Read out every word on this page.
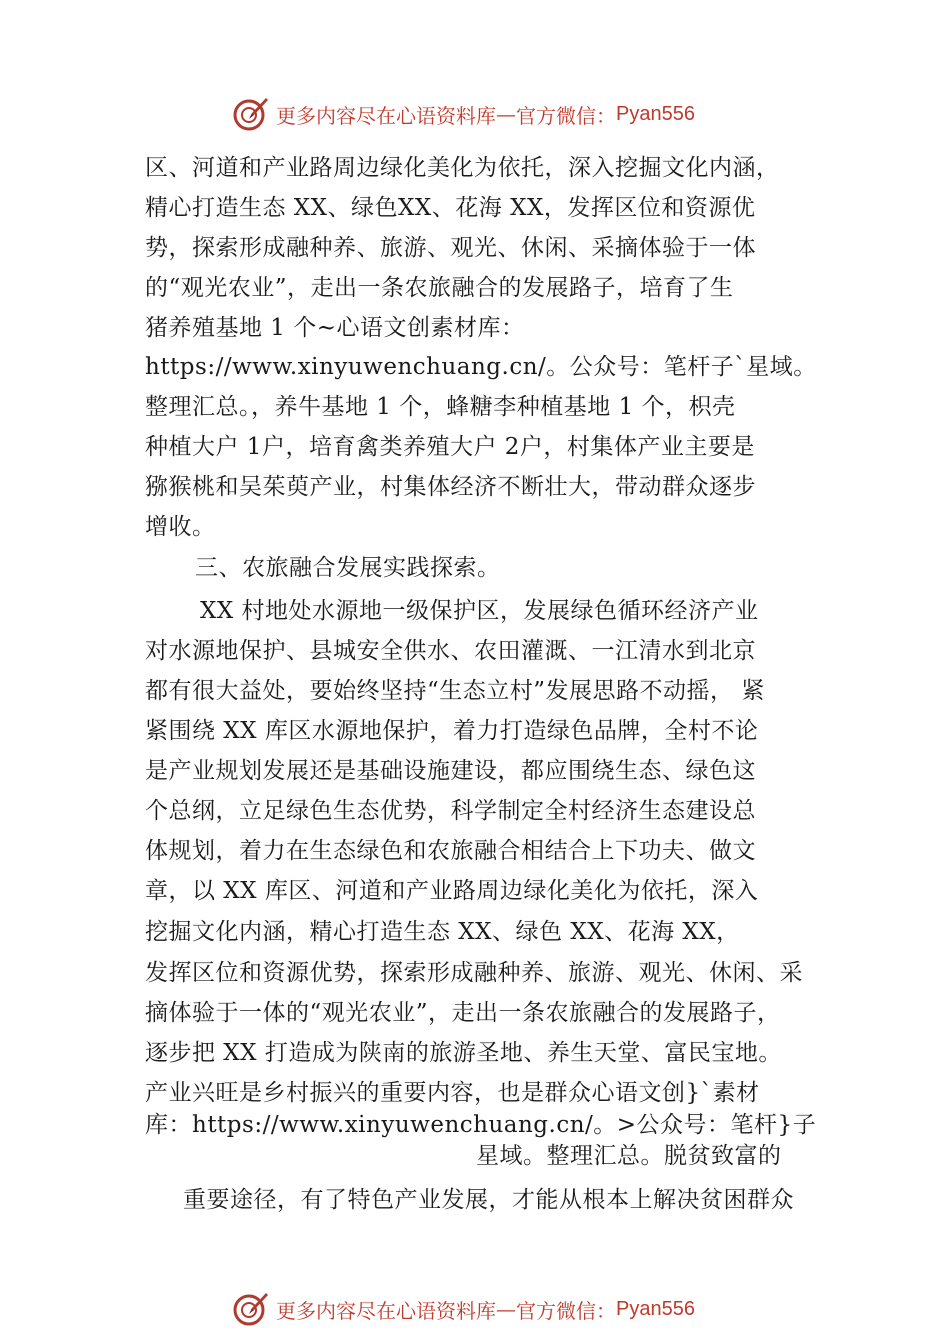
更多内容尽在心语资料库 — 官方微信： Pyan556
区、河道和产业路周边绿化美化为依托，深入挖掘文化内涵，
精心打造生态 XX、绿色XX、花海 XX，发挥区位和资源优
势，探索形成融种养、旅游、观光、休闲、采摘体验于一体
的“观光农业”，走出一条农旅融合的发展路子，培育了生
猪养殖基地 1 个~心语文创素材库：
https://www.xinyuwenchuang.cn/。公众号：笔杆子`星域。
整理汇总。，养牛基地 1 个，蜂糖李种植基地 1 个，枳壳
种植大户 1户，培育禽类养殖大户 2户，村集体产业主要是
猕猴桃和吴茱萸产业，村集体经济不断壮大，带动群众逐步
增收。
三、农旅融合发展实践探索。
XX 村地处水源地一级保护区，发展绿色循环经济产业
对水源地保护、县城安全供水、农田灌溉、一江清水到北京
都有很大益处，要始终坚持“生态立村”发展思路不动摇， 紧
紧围绕 XX 库区水源地保护，着力打造绿色品牌，全村不论
是产业规划发展还是基础设施建设，都应围绕生态、绿色这
个总纲，立足绿色生态优势，科学制定全村经济生态建设总
体规划，着力在生态绿色和农旅融合相结合上下功夫、做文
章，以 XX 库区、河道和产业路周边绿化美化为依托，深入
挖掘文化内涵，精心打造生态 XX、绿色 XX、花海 XX，
发挥区位和资源优势，探索形成融种养、旅游、观光、休闲、采
摘体验于一体的“观光农业”，走出一条农旅融合的发展路子，
逐步把 XX 打造成为陕南的旅游圣地、养生天堂、富民宝地。
产业兴旺是乡村振兴的重要内容，也是群众心语文创}`素材
库：https://www.xinyuwenchuang.cn/。>公众号：笔杆}子
星域。整理汇总。脱贫致富的
重要途径，有了特色产业发展，才能从根本上解决贫困群众
更多内容尽在心语资料库 — 官方微信： Pyan556
